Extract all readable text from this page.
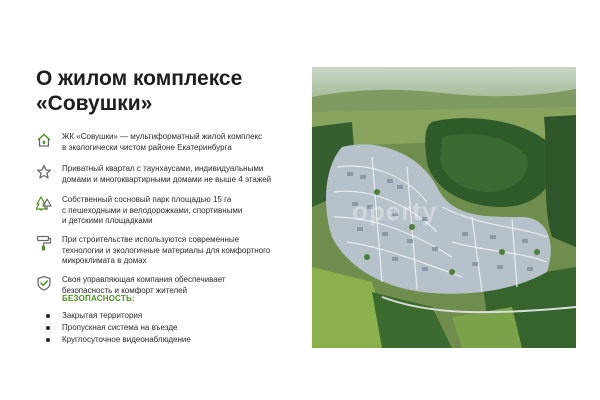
О жилом комплексе
«Совушки»
ЖК «Совушки» — мультиформатный жилой комплекс
в экологически чистом районе Екатеринбурга
Приватный квартал с таунхаусами, индивидуальными
домами и многоквартирными домами не выше 4 этажей
Собственный сосновый парк площадью 15 га
с пешеходными и велодорожками, спортивными
и детскими площадками
При строительстве используются современные
технологии и экологичные материалы для комфортного
микроклимата в домах
Своя управляющая компания обеспечивает
безопасность и комфорт жителей
БЕЗОПАСНОСТЬ:
Закрытая территория
Пропускная система на въезде
Круглосуточное видеонаблюдение
operty
